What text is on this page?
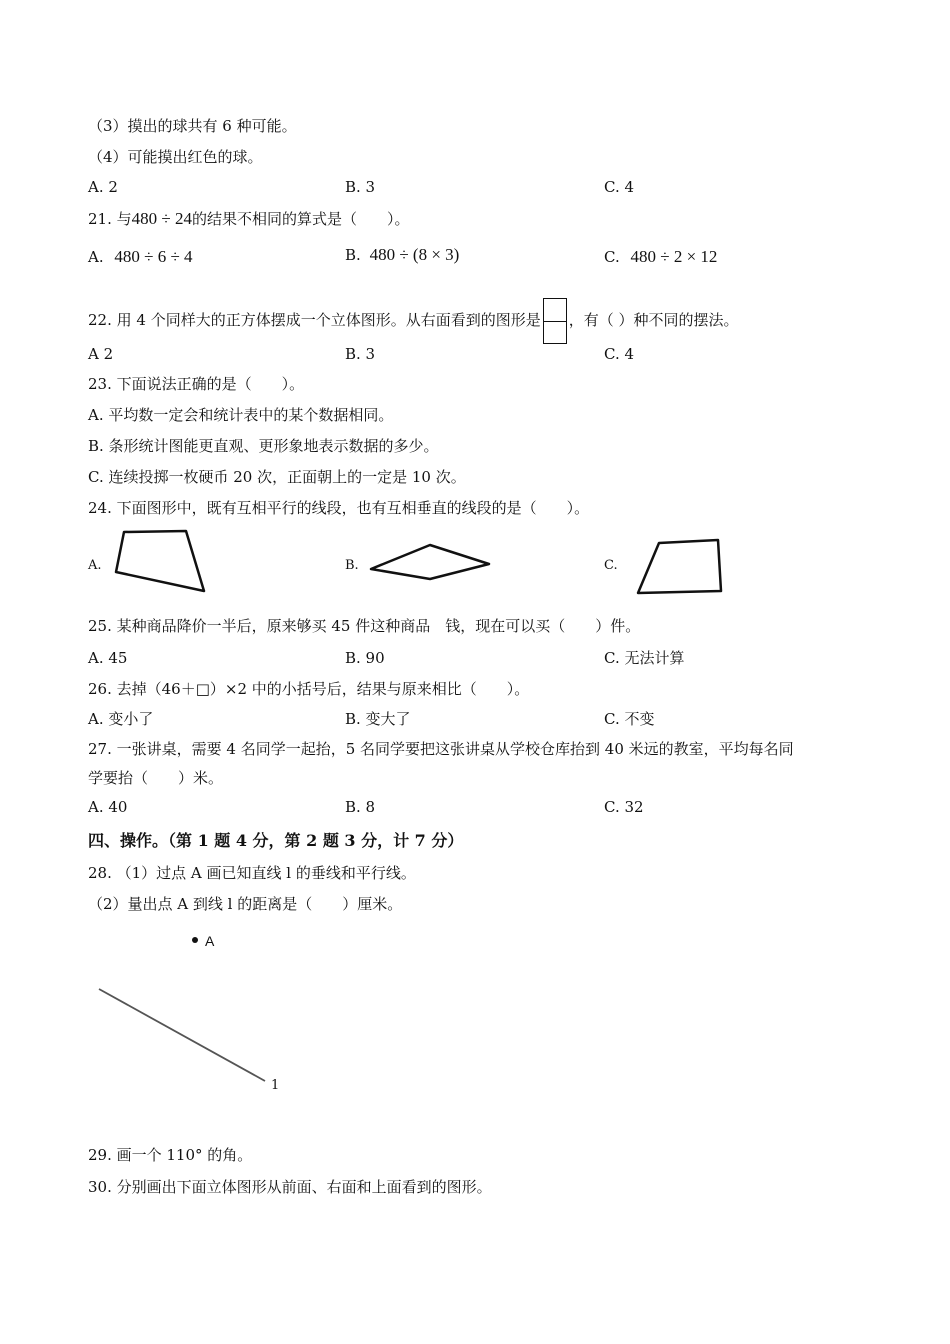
（3）摸出的球共有 6 种可能。
（4）可能摸出红色的球。
A. 2	B. 3	C. 4
21. 与480 ÷ 24的结果不相同的算式是（　　）。
A. 480 ÷ 6 ÷ 4	B. 480 ÷ (8 × 3)	C. 480 ÷ 2 × 12
22. 用 4 个同样大的正方体摆成一个立体图形。从右面看到的图形是 ，有（ ）种不同的摆法。
A 2	B. 3	C. 4
23. 下面说法正确的是（　　）。
A. 平均数一定会和统计表中的某个数据相同。
B. 条形统计图能更直观、更形象地表示数据的多少。
C. 连续投掷一枚硬币 20 次，正面朝上的一定是 10 次。
24. 下面图形中，既有互相平行的线段，也有互相垂直的线段的是（　　）。
A.	B.	C.
25. 某种商品降价一半后，原来够买 45 件这种商品　钱，现在可以买（　　）件。
A. 45	B. 90	C. 无法计算
26. 去掉（46＋□）×2 中的小括号后，结果与原来相比（　　）。
A. 变小了	B. 变大了	C. 不变
27. 一张讲桌，需要 4 名同学一起抬，5 名同学要把这张讲桌从学校仓库抬到 40 米远的教室，平均每名同
学要抬（　　）米。
A. 40	B. 8	C. 32
四、操作。（第 1 题 4 分，第 2 题 3 分，计 7 分）
28. （1）过点 A 画已知直线 l 的垂线和平行线。
（2）量出点 A 到线 l 的距离是（　　）厘米。
A
1
29. 画一个 110° 的角。
30. 分别画出下面立体图形从前面、右面和上面看到的图形。
